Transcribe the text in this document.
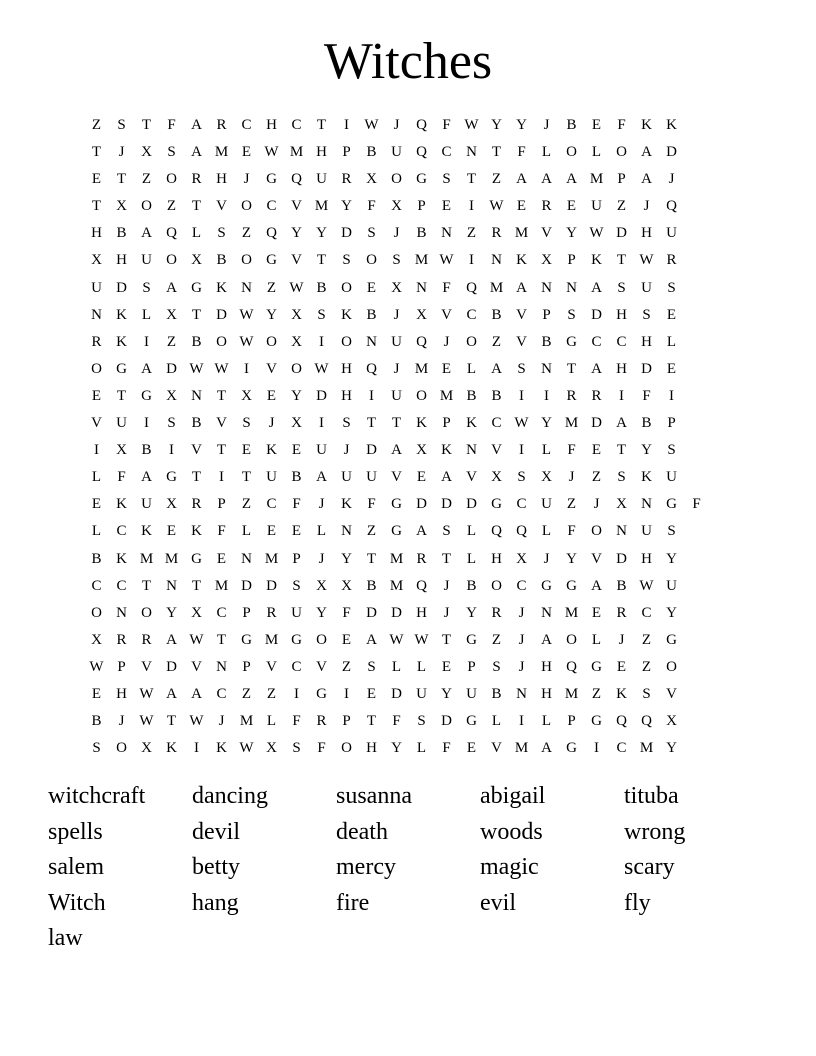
Witches
Z	S	T	F	A R C H C	T	I	W	J	Q	F W Y Y	J	B	E	F	K K
T	J	X	S	A M E W M H	P	B U Q C N T	F	L	O L	O A D
E	T	Z	O R H	J	G Q U R X O G	S	T	Z	A A A M P	A	J
T	X O Z	T	V O C V M Y	F	X	P	E	I	W E	R	E	U Z	J	Q
H B A Q L	S	Z	Q Y Y D	S	J	B N Z	R M V Y W D H U
X H U O X B O G V T	S	O	S M W	I	N K X	P	K T W R
U D	S	A G K N Z W B O E	X N	F	Q M A N N A	S	U	S
N K L	X T	D W Y X	S	K B	J	X V C B V	P	S	D H	S	E
R K	I	Z	B O W O X	I	O N U Q	J	O Z	V B G C C H L
O G A D W W	I	V O W H Q	J	M E	L	A	S	N T	A H D E
E	T	G X N T	X E	Y D H	I	U O M B B	I	I	R R	I	F	I
V U	I	S	B V	S	J	X	I	S	T	T	K	P	K C W Y M D A B	P
I	X B	I	V T	E	K E	U	J	D A X K N V	I	L	F	E	T	Y	S
L	F	A G T	I	T	U B A U U V E	A V X	S	X	J	Z	S	K U
E	K U X R	P	Z	C	F	J	K	F	G D D D G C U Z	J	X N G	F
L	C K E	K	F	L	E	E	L	N Z	G A	S	L	Q Q L	F	O N U	S
B K M M G E	N M P	J	Y T M R	T	L	H X	J	Y V D H Y
C C	T	N T M D D	S	X X B M Q	J	B O C G G A B W U
O N O Y X C	P	R U Y	F	D D H	J	Y R	J	N M E	R C Y
X R R A W T	G M G O E	A W W T	G Z	J	A O L	J	Z	G
W P	V D V N	P	V C V Z	S	L	L	E	P	S	J	H Q G E	Z	O
E	H W A A C	Z	Z	I	G	I	E	D U Y U B N H M Z	K	S	V
B	J W T W	J	M L	F	R	P	T	F	S	D G L	I	L	P	G Q Q X
S	O X K	I	K W X	S	F	O H Y L	F	E	V M A G	I	C M Y
witchcraft	dancing	susanna	abigail	tituba
spells	devil	death	woods	wrong
salem	betty	mercy	magic	scary
Witch	hang	fire	evil	fly
law
